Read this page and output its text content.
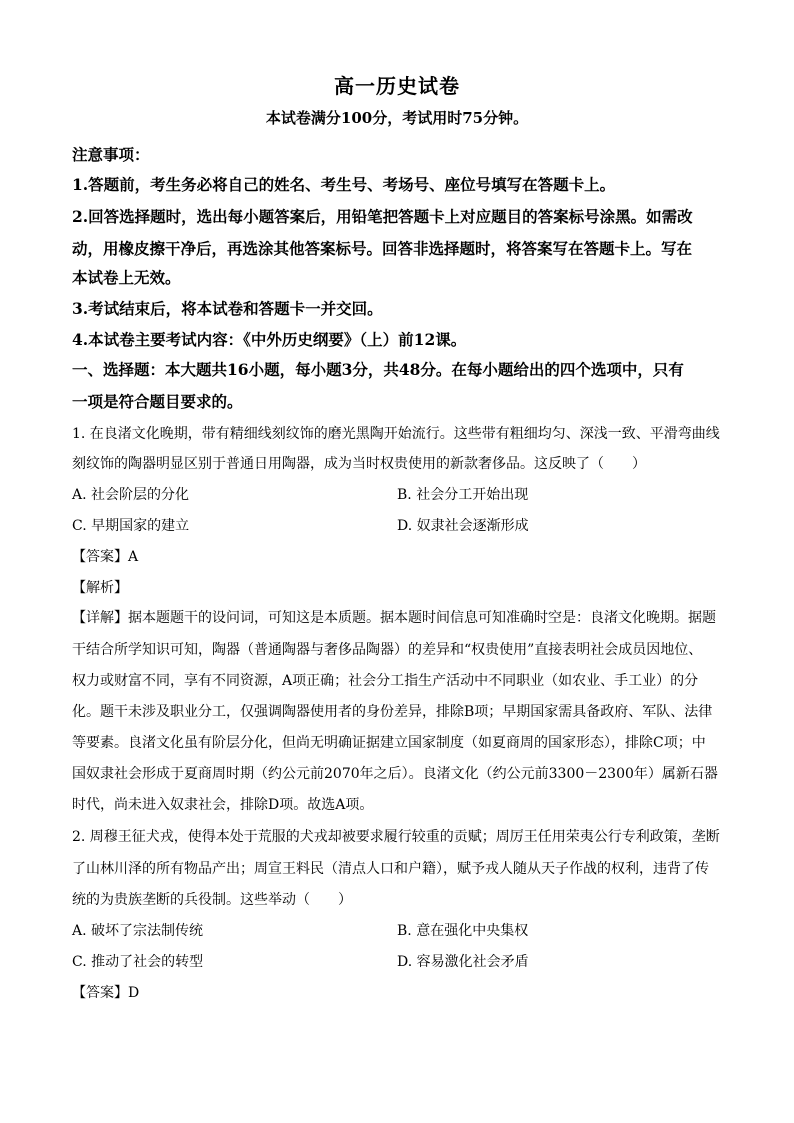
高一历史试卷
本试卷满分100分，考试用时75分钟。
注意事项：
1.答题前，考生务必将自己的姓名、考生号、考场号、座位号填写在答题卡上。
2.回答选择题时，选出每小题答案后，用铅笔把答题卡上对应题目的答案标号涂黑。如需改
动，用橡皮擦干净后，再选涂其他答案标号。回答非选择题时，将答案写在答题卡上。写在
本试卷上无效。
3.考试结束后，将本试卷和答题卡一并交回。
4.本试卷主要考试内容：《中外历史纲要》（上）前12课。
一、选择题：本大题共16小题，每小题3分，共48分。在每小题给出的四个选项中，只有
一项是符合题目要求的。
1. 在良渚文化晚期，带有精细线刻纹饰的磨光黑陶开始流行。这些带有粗细均匀、深浅一致、平滑弯曲线
刻纹饰的陶器明显区别于普通日用陶器，成为当时权贵使用的新款奢侈品。这反映了（　　）
A. 社会阶层的分化	B. 社会分工开始出现
C. 早期国家的建立	D. 奴隶社会逐渐形成
【答案】A
【解析】
【详解】据本题题干的设问词，可知这是本质题。据本题时间信息可知准确时空是：良渚文化晚期。据题
干结合所学知识可知，陶器（普通陶器与奢侈品陶器）的差异和“权贵使用”直接表明社会成员因地位、
权力或财富不同，享有不同资源，A项正确；社会分工指生产活动中不同职业（如农业、手工业）的分
化。题干未涉及职业分工，仅强调陶器使用者的身份差异，排除B项；早期国家需具备政府、军队、法律
等要素。良渚文化虽有阶层分化，但尚无明确证据建立国家制度（如夏商周的国家形态），排除C项；中
国奴隶社会形成于夏商周时期（约公元前2070年之后）。良渚文化（约公元前3300－2300年）属新石器
时代，尚未进入奴隶社会，排除D项。故选A项。
2. 周穆王征犬戎，使得本处于荒服的犬戎却被要求履行较重的贡赋；周厉王任用荣夷公行专利政策，垄断
了山林川泽的所有物品产出；周宣王料民（清点人口和户籍），赋予戎人随从天子作战的权利，违背了传
统的为贵族垄断的兵役制。这些举动（　　）
A. 破坏了宗法制传统	B. 意在强化中央集权
C. 推动了社会的转型	D. 容易激化社会矛盾
【答案】D
